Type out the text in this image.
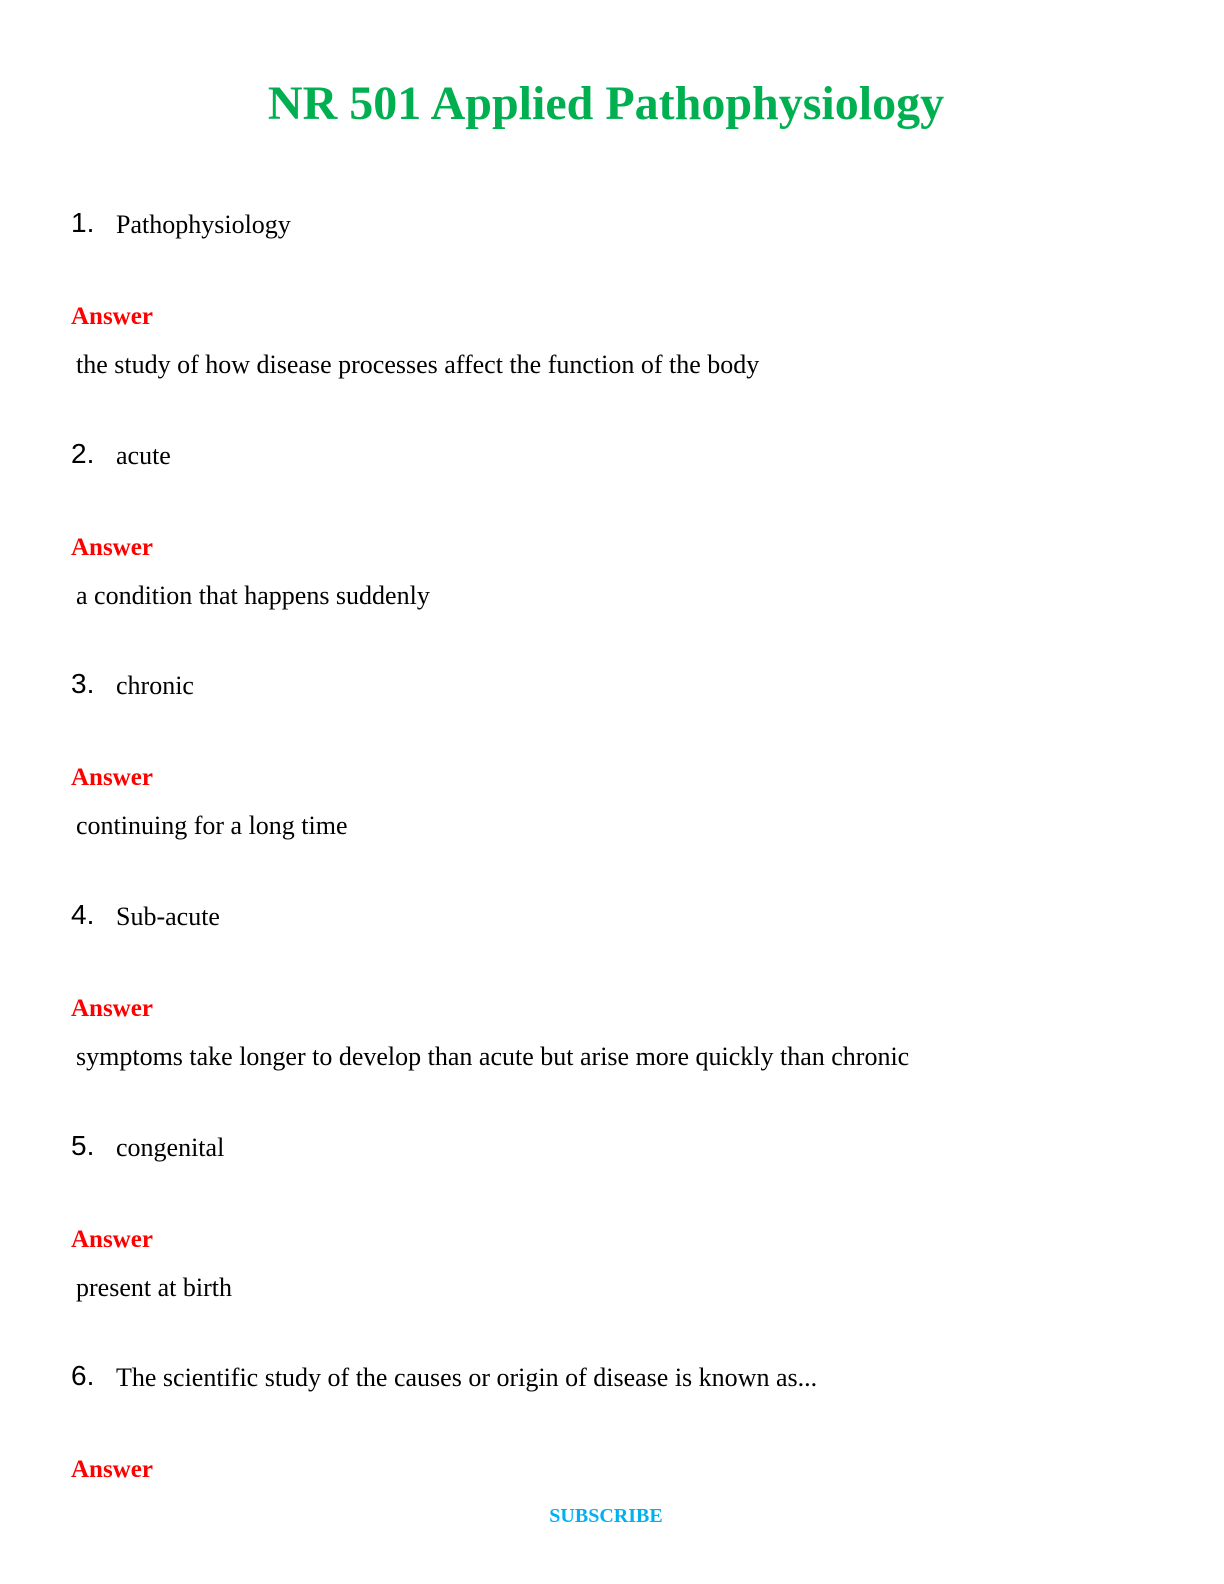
NR 501 Applied Pathophysiology
1. Pathophysiology
Answer
the study of how disease processes affect the function of the body
2. acute
Answer
a condition that happens suddenly
3. chronic
Answer
continuing for a long time
4. Sub-acute
Answer
symptoms take longer to develop than acute but arise more quickly than chronic
5. congenital
Answer
present at birth
6. The scientific study of the causes or origin of disease is known as...
Answer
SUBSCRIBE
